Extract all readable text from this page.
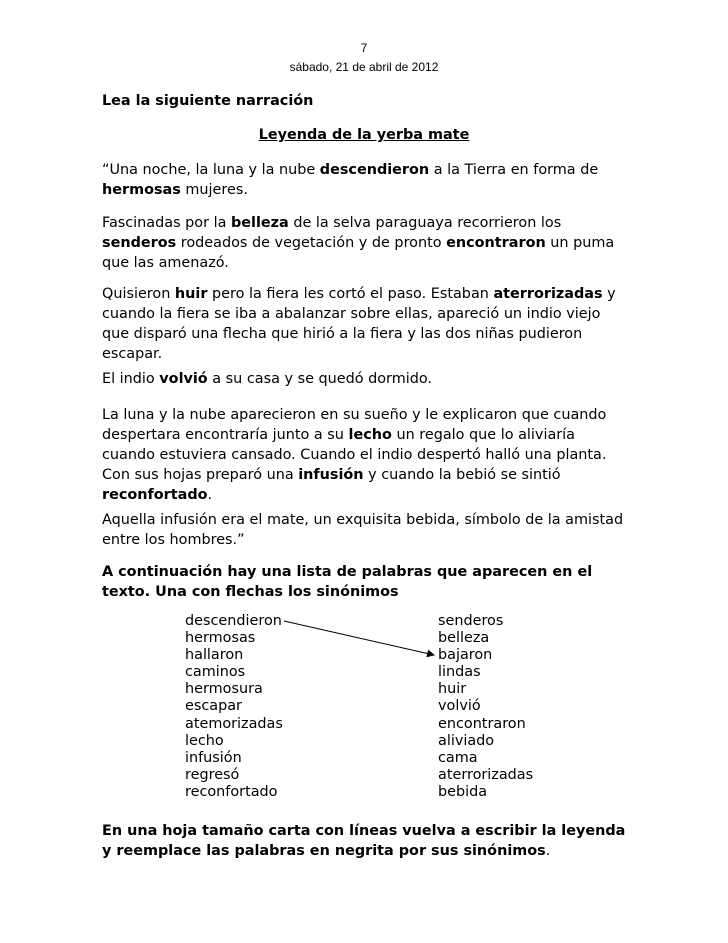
7
sábado, 21 de abril de 2012
Lea la siguiente narración
Leyenda de la yerba mate
“Una noche, la luna y la nube descendieron a la Tierra en forma de
hermosas mujeres.
Fascinadas por la belleza de la selva paraguaya recorrieron los
senderos rodeados de vegetación y de pronto encontraron un puma
que las amenazó.
Quisieron huir pero la fiera les cortó el paso. Estaban aterrorizadas y
cuando la fiera se iba a abalanzar sobre ellas, apareció un indio viejo
que disparó una flecha que hirió a la fiera y las dos niñas pudieron
escapar.
El indio volvió a su casa y se quedó dormido.
La luna y la nube aparecieron en su sueño y le explicaron que cuando
despertara encontraría junto a su lecho un regalo que lo aliviaría
cuando estuviera cansado. Cuando el indio despertó halló una planta.
Con sus hojas preparó una infusión y cuando la bebió se sintió
reconfortado.
Aquella infusión era el mate, un exquisita bebida, símbolo de la amistad
entre los hombres.”
A continuación hay una lista de palabras que aparecen en el
texto. Una con flechas los sinónimos
descendieron
hermosas
hallaron
caminos
hermosura
escapar
atemorizadas
lecho
infusión
regresó
reconfortado
senderos
belleza
bajaron
lindas
huir
volvió
encontraron
aliviado
cama
aterrorizadas
bebida
En una hoja tamaño carta con líneas vuelva a escribir la leyenda
y reemplace las palabras en negrita por sus sinónimos.
